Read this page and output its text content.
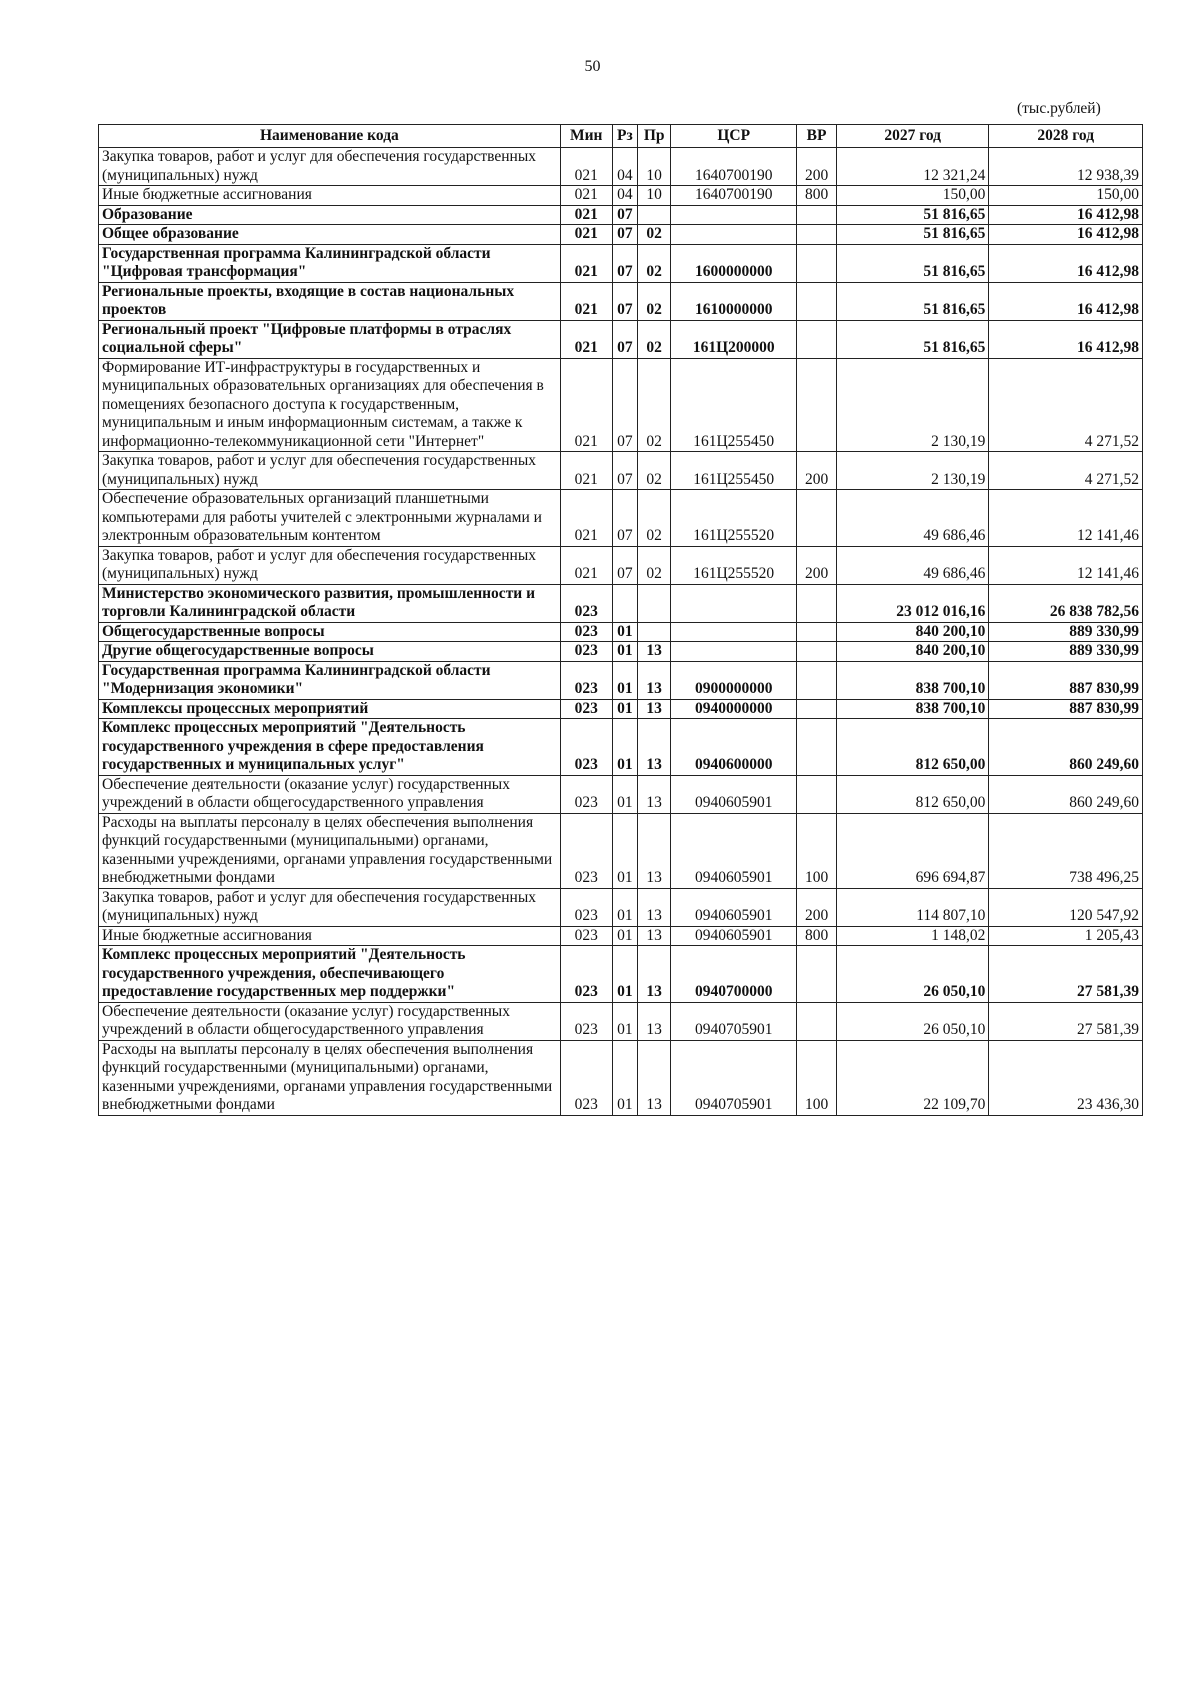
50
(тыс.рублей)
Наименование кода	Мин	Рз	Пр	ЦСР	ВР	2027 год	2028 год
Закупка товаров, работ и услуг для обеспечения государственных (муниципальных) нужд	021	04	10	1640700190	200	12 321,24	12 938,39
Иные бюджетные ассигнования	021	04	10	1640700190	800	150,00	150,00
Образование	021	07				51 816,65	16 412,98
Общее образование	021	07	02			51 816,65	16 412,98
Государственная программа Калининградской области "Цифровая трансформация"	021	07	02	1600000000		51 816,65	16 412,98
Региональные проекты, входящие в состав национальных проектов	021	07	02	1610000000		51 816,65	16 412,98
Региональный проект "Цифровые платформы в отраслях социальной сферы"	021	07	02	161Ц200000		51 816,65	16 412,98
Формирование ИТ-инфраструктуры в государственных и муниципальных образовательных организациях для обеспечения в помещениях безопасного доступа к государственным, муниципальным и иным информационным системам, а также к информационно-телекоммуникационной сети "Интернет"	021	07	02	161Ц255450		2 130,19	4 271,52
Закупка товаров, работ и услуг для обеспечения государственных (муниципальных) нужд	021	07	02	161Ц255450	200	2 130,19	4 271,52
Обеспечение образовательных организаций планшетными компьютерами для работы учителей с электронными журналами и электронным образовательным контентом	021	07	02	161Ц255520		49 686,46	12 141,46
Закупка товаров, работ и услуг для обеспечения государственных (муниципальных) нужд	021	07	02	161Ц255520	200	49 686,46	12 141,46
Министерство экономического развития, промышленности и торговли Калининградской области	023					23 012 016,16	26 838 782,56
Общегосударственные вопросы	023	01				840 200,10	889 330,99
Другие общегосударственные вопросы	023	01	13			840 200,10	889 330,99
Государственная программа Калининградской области "Модернизация экономики"	023	01	13	0900000000		838 700,10	887 830,99
Комплексы процессных мероприятий	023	01	13	0940000000		838 700,10	887 830,99
Комплекс процессных мероприятий "Деятельность государственного учреждения в сфере предоставления государственных и муниципальных услуг"	023	01	13	0940600000		812 650,00	860 249,60
Обеспечение деятельности (оказание услуг) государственных учреждений в области общегосударственного управления	023	01	13	0940605901		812 650,00	860 249,60
Расходы на выплаты персоналу в целях обеспечения выполнения функций государственными (муниципальными) органами, казенными учреждениями, органами управления государственными внебюджетными фондами	023	01	13	0940605901	100	696 694,87	738 496,25
Закупка товаров, работ и услуг для обеспечения государственных (муниципальных) нужд	023	01	13	0940605901	200	114 807,10	120 547,92
Иные бюджетные ассигнования	023	01	13	0940605901	800	1 148,02	1 205,43
Комплекс процессных мероприятий "Деятельность государственного учреждения, обеспечивающего предоставление государственных мер поддержки"	023	01	13	0940700000		26 050,10	27 581,39
Обеспечение деятельности (оказание услуг) государственных учреждений в области общегосударственного управления	023	01	13	0940705901		26 050,10	27 581,39
Расходы на выплаты персоналу в целях обеспечения выполнения функций государственными (муниципальными) органами, казенными учреждениями, органами управления государственными внебюджетными фондами	023	01	13	0940705901	100	22 109,70	23 436,30
